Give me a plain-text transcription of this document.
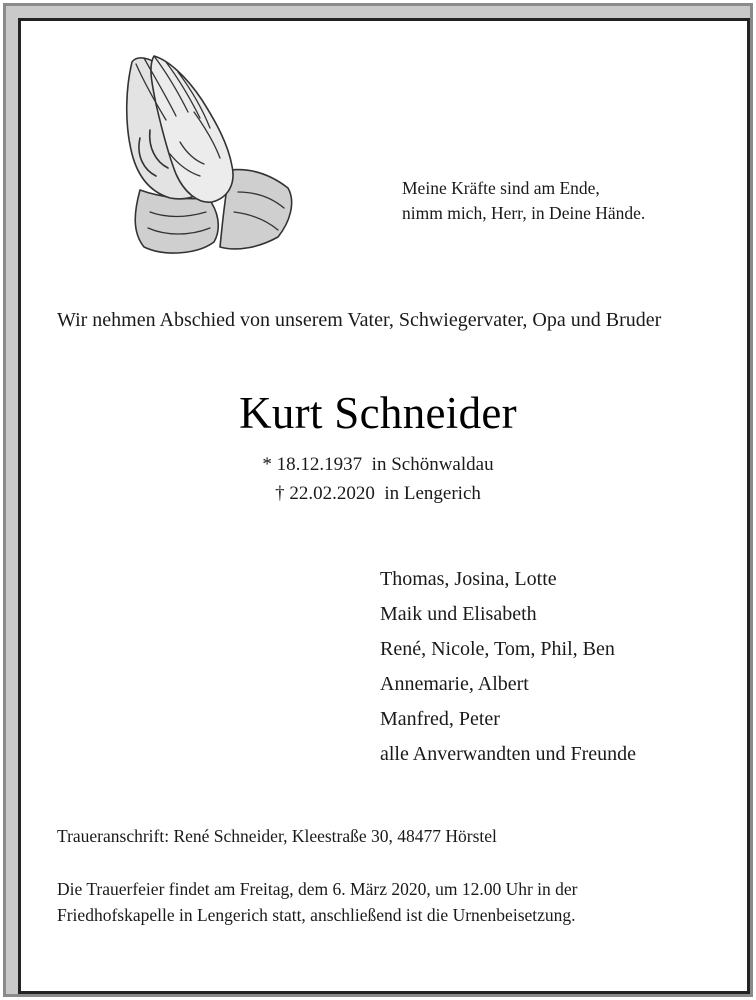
Meine Kräfte sind am Ende,
nimm mich, Herr, in Deine Hände.
Wir nehmen Abschied von unserem Vater, Schwiegervater, Opa und Bruder
Kurt Schneider
* 18.12.1937  in Schönwaldau
† 22.02.2020  in Lengerich
Thomas, Josina, Lotte
Maik und Elisabeth
René, Nicole, Tom, Phil, Ben
Annemarie, Albert
Manfred, Peter
alle Anverwandten und Freunde
Traueranschrift: René Schneider, Kleestraße 30, 48477 Hörstel
Die Trauerfeier findet am Freitag, dem 6. März 2020, um 12.00 Uhr in der
Friedhofskapelle in Lengerich statt, anschließend ist die Urnenbeisetzung.
